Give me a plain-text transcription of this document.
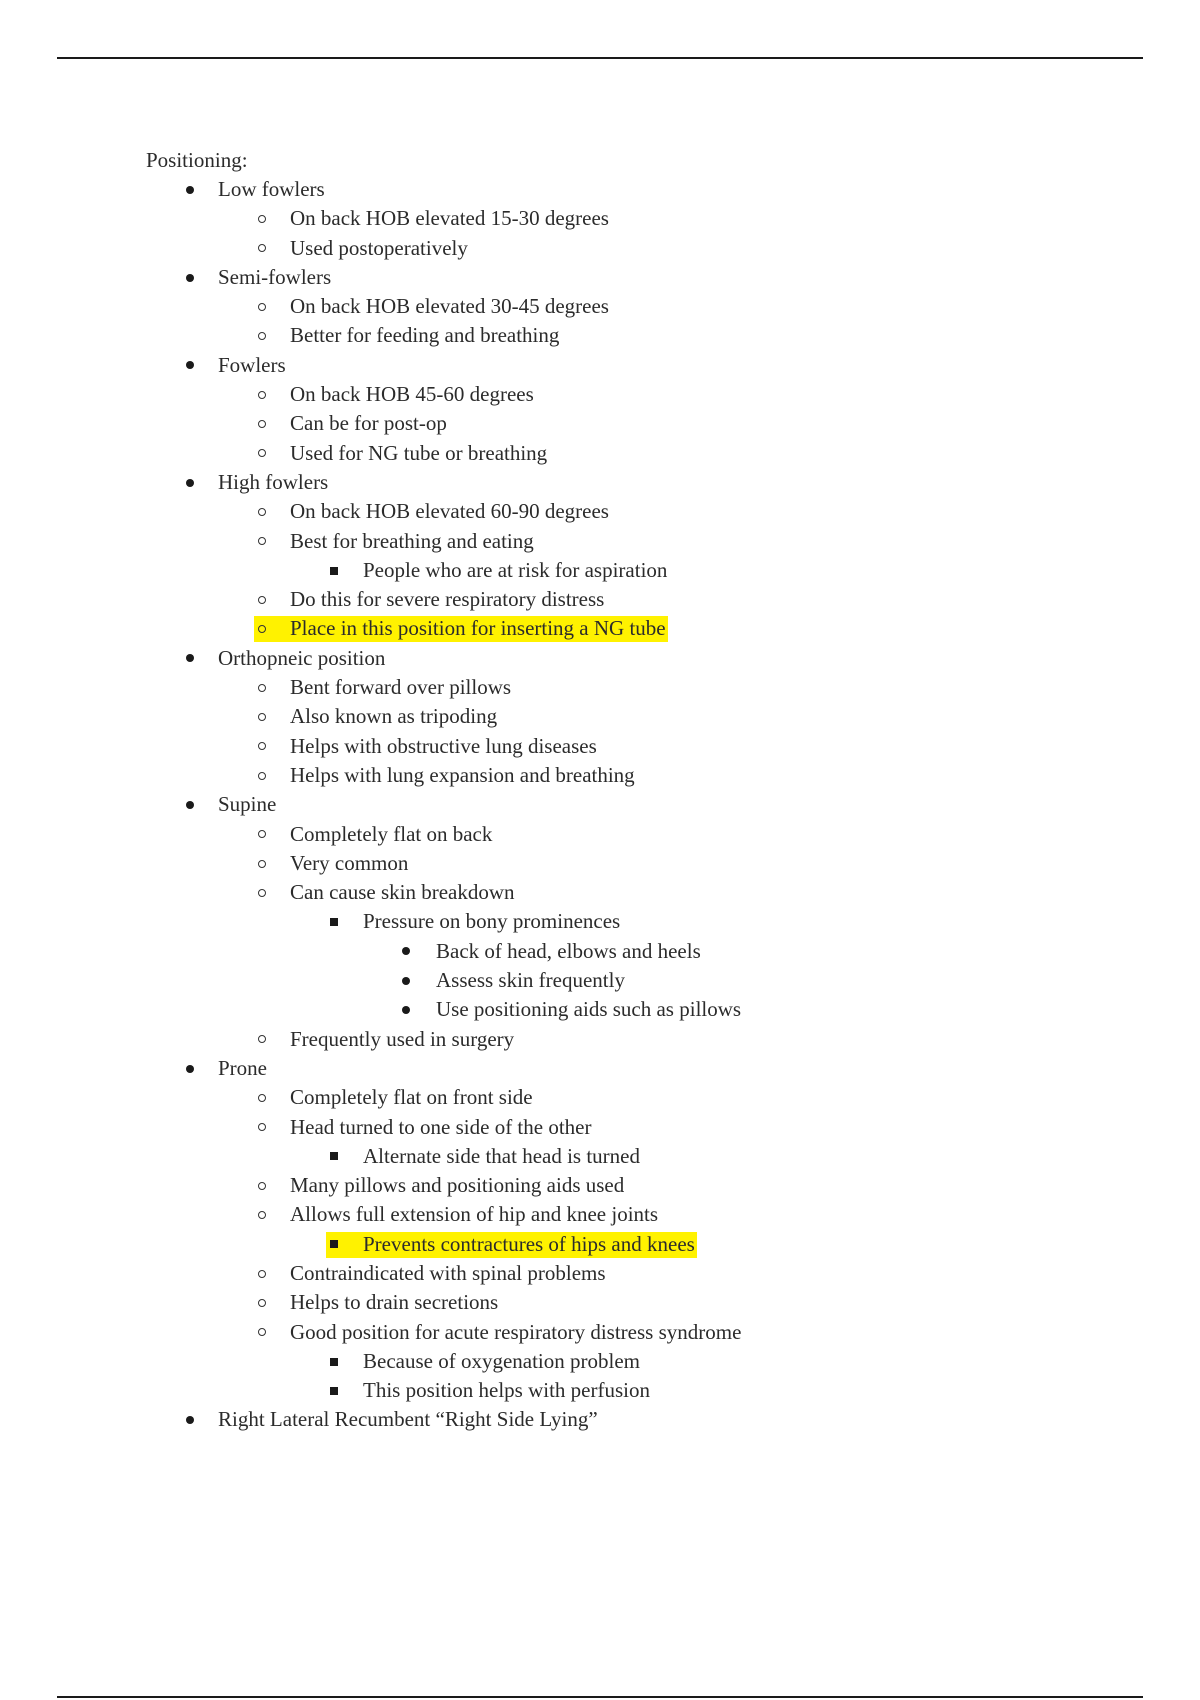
Positioning:
Low fowlers
On back HOB elevated 15-30 degrees
Used postoperatively
Semi-fowlers
On back HOB elevated 30-45 degrees
Better for feeding and breathing
Fowlers
On back HOB 45-60 degrees
Can be for post-op
Used for NG tube or breathing
High fowlers
On back HOB elevated 60-90 degrees
Best for breathing and eating
People who are at risk for aspiration
Do this for severe respiratory distress
Place in this position for inserting a NG tube
Orthopneic position
Bent forward over pillows
Also known as tripoding
Helps with obstructive lung diseases
Helps with lung expansion and breathing
Supine
Completely flat on back
Very common
Can cause skin breakdown
Pressure on bony prominences
Back of head, elbows and heels
Assess skin frequently
Use positioning aids such as pillows
Frequently used in surgery
Prone
Completely flat on front side
Head turned to one side of the other
Alternate side that head is turned
Many pillows and positioning aids used
Allows full extension of hip and knee joints
Prevents contractures of hips and knees
Contraindicated with spinal problems
Helps to drain secretions
Good position for acute respiratory distress syndrome
Because of oxygenation problem
This position helps with perfusion
Right Lateral Recumbent “Right Side Lying”
